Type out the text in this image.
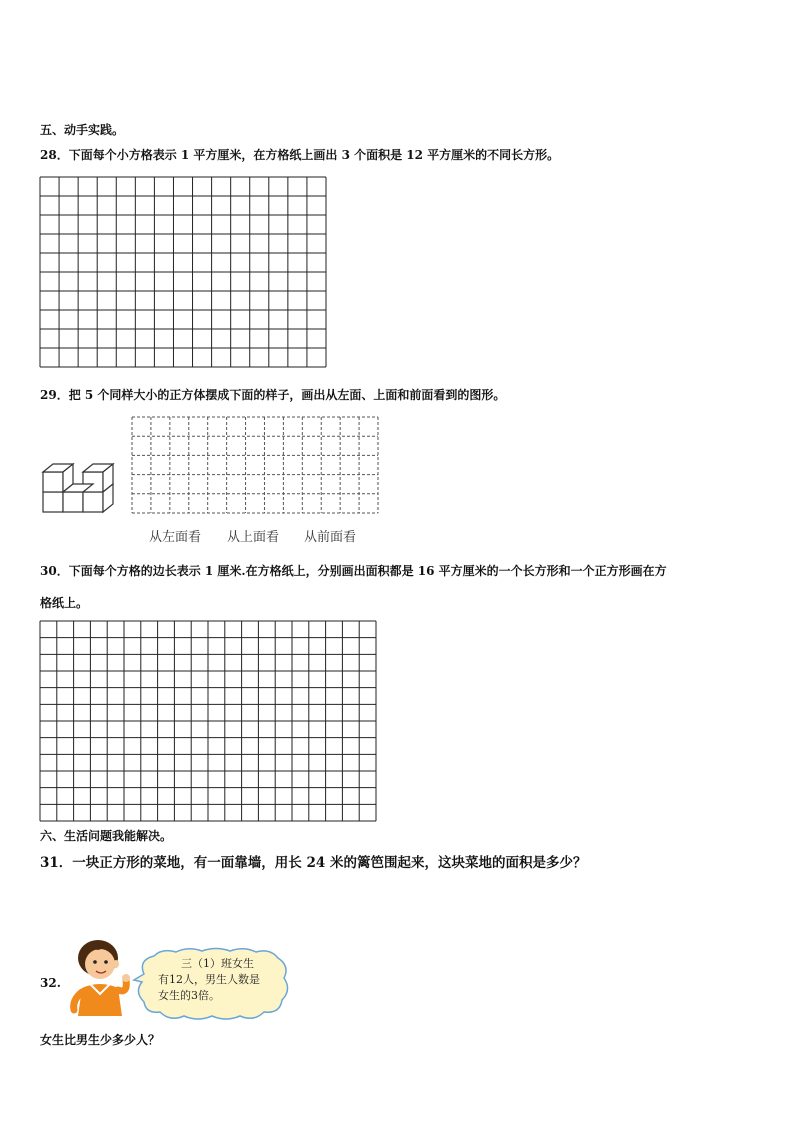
五、动手实践。
28．下面每个小方格表示 1 平方厘米，在方格纸上画出 3 个面积是 12 平方厘米的不同长方形。
29．把 5 个同样大小的正方体摆成下面的样子，画出从左面、上面和前面看到的图形。
从左面看 从上面看 从前面看
30．下面每个方格的边长表示 1 厘米.在方格纸上，分别画出面积都是 16 平方厘米的一个长方形和一个正方形画在方
格纸上。
六、生活问题我能解决。
31．一块正方形的菜地，有一面靠墙，用长 24 米的篱笆围起来，这块菜地的面积是多少？
32.
三（1）班女生
有12人，男生人数是
女生的3倍。
女生比男生少多少人？
